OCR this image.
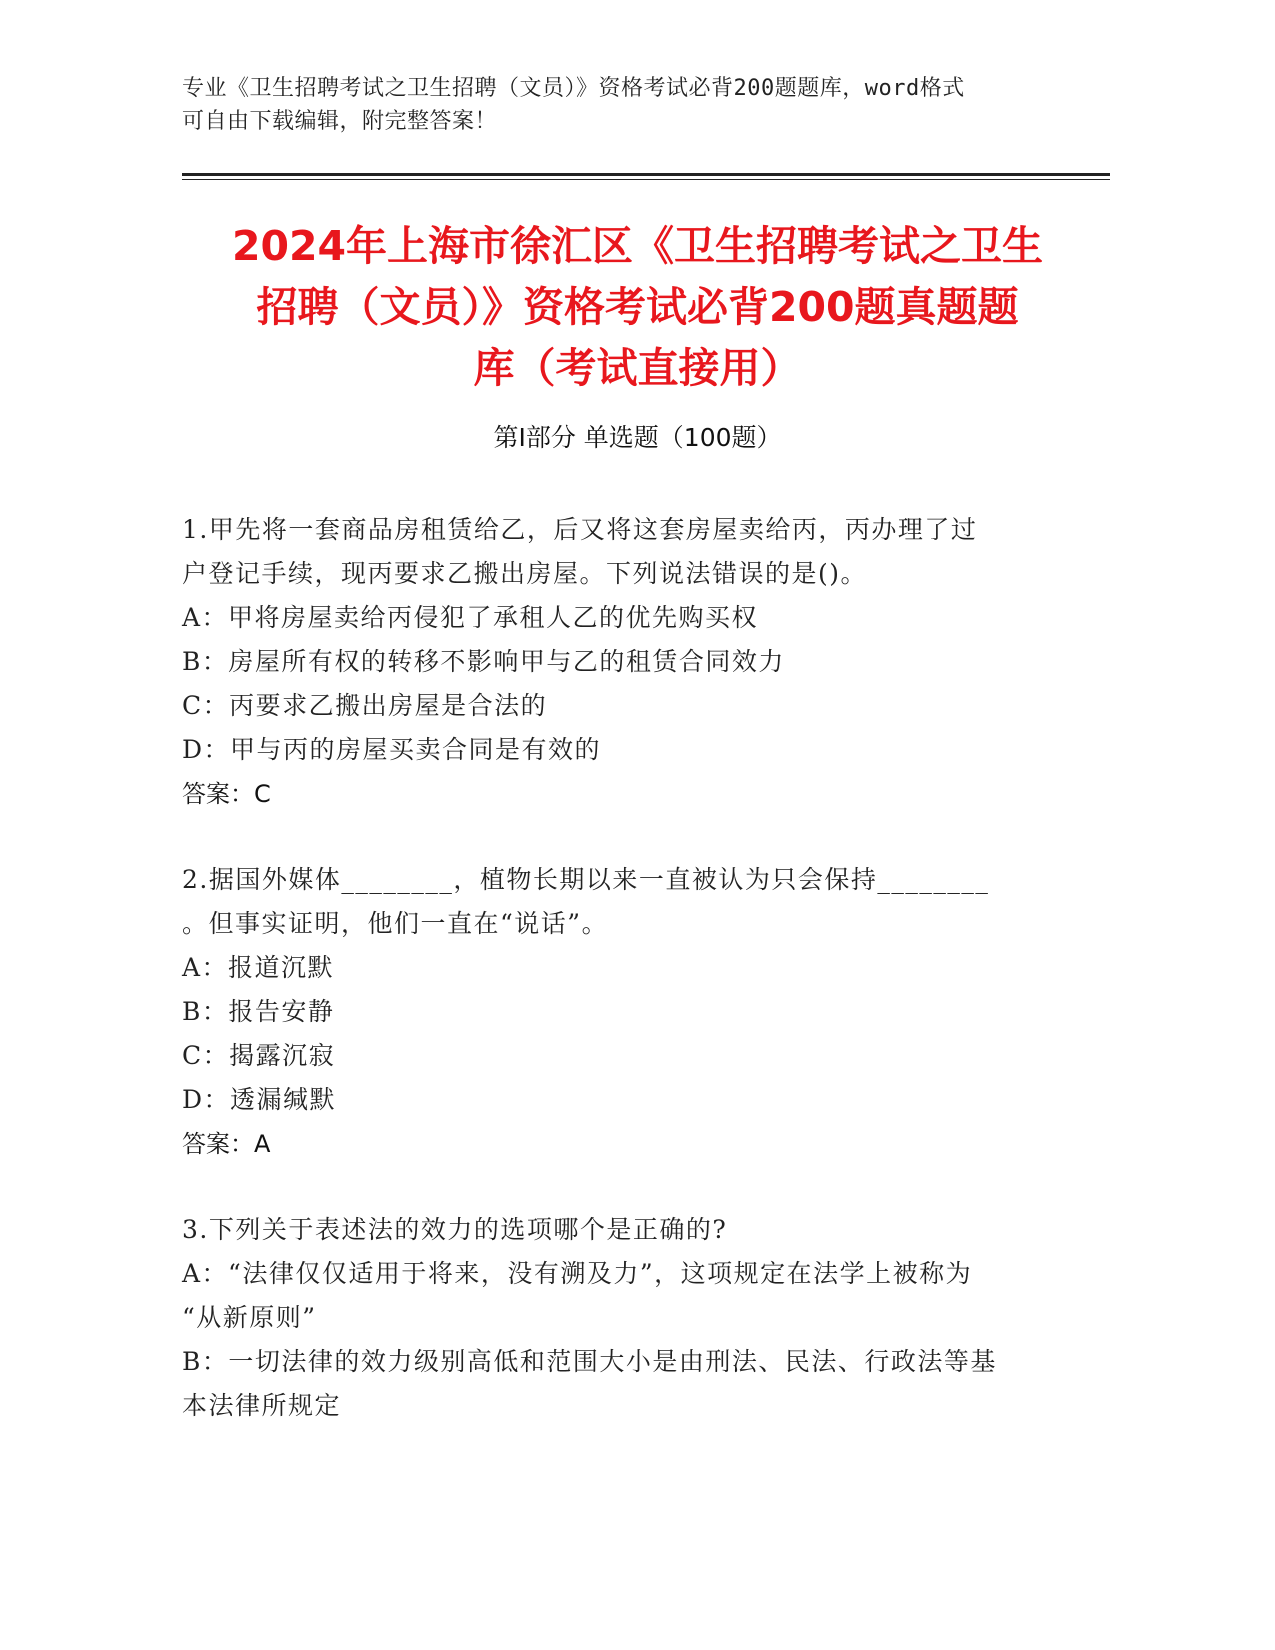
专业《卫生招聘考试之卫生招聘（文员）》资格考试必背200题题库，word格式
可自由下载编辑，附完整答案！
2024年上海市徐汇区《卫生招聘考试之卫生
招聘（文员）》资格考试必背200题真题题
库（考试直接用）
第Ⅰ部分 单选题（100题）
1.甲先将一套商品房租赁给乙，后又将这套房屋卖给丙，丙办理了过
户登记手续，现丙要求乙搬出房屋。下列说法错误的是()。
A：甲将房屋卖给丙侵犯了承租人乙的优先购买权
B：房屋所有权的转移不影响甲与乙的租赁合同效力
C：丙要求乙搬出房屋是合法的
D：甲与丙的房屋买卖合同是有效的
答案：C
2.据国外媒体________，植物长期以来一直被认为只会保持________
。但事实证明，他们一直在“说话”。
A：报道沉默
B：报告安静
C：揭露沉寂
D：透漏缄默
答案：A
3.下列关于表述法的效力的选项哪个是正确的?
A：“法律仅仅适用于将来，没有溯及力”，这项规定在法学上被称为
“从新原则”
B：一切法律的效力级别高低和范围大小是由刑法、民法、行政法等基
本法律所规定
